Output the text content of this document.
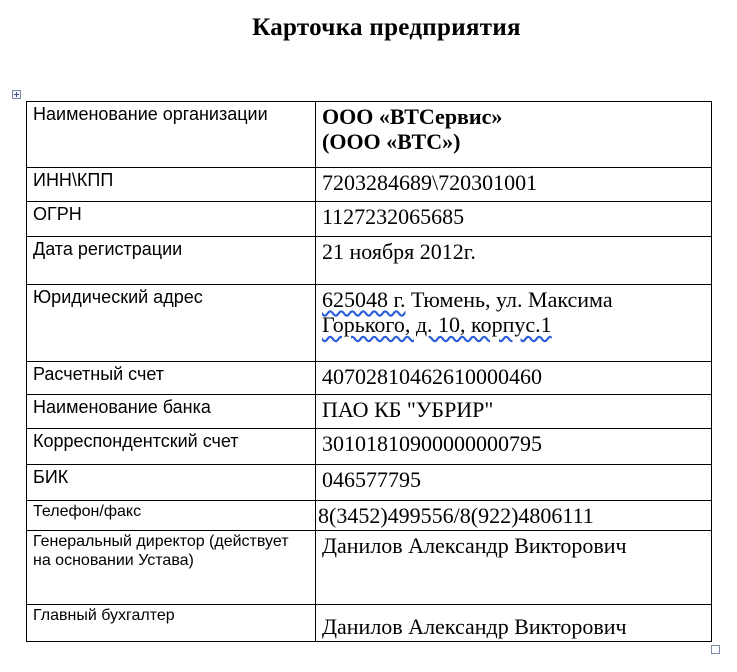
Карточка предприятия
Наименование организации	ООО «ВТСервис»
(ООО «ВТС»)

ИНН\КПП	7203284689\720301001
ОГРН	1127232065685
Дата регистрации	21 ноября 2012г.
Юридический адрес	625048 г. Тюмень, ул. Максима
Горького, д. 10, корпус.1

Расчетный счет	40702810462610000460
Наименование банка	ПАО КБ "УБРИР"
Корреспондентский счет	30101810900000000795
БИК	046577795
Телефон/факс	8(3452)499556/8(922)4806111
Генеральный директор (действует на основании Устава)	Данилов Александр Викторович
Главный бухгалтер	Данилов Александр Викторович
